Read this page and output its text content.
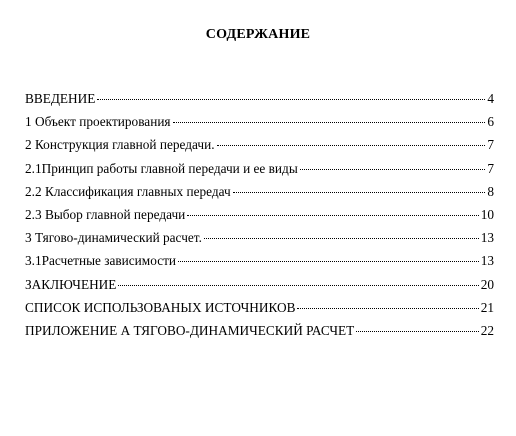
СОДЕРЖАНИЕ
ВВЕДЕНИЕ	4
1 Объект проектирования	6
2 Конструкция главной передачи.	7
2.1Принцип работы главной передачи и ее виды	7
2.2 Классификация главных передач	8
2.3 Выбор главной передачи	10
3 Тягово-динамический расчет.	13
3.1Расчетные зависимости	13
ЗАКЛЮЧЕНИЕ	20
СПИСОК ИСПОЛЬЗОВАНЫХ ИСТОЧНИКОВ	21
ПРИЛОЖЕНИЕ А ТЯГОВО-ДИНАМИЧЕСКИЙ РАСЧЕТ	22
